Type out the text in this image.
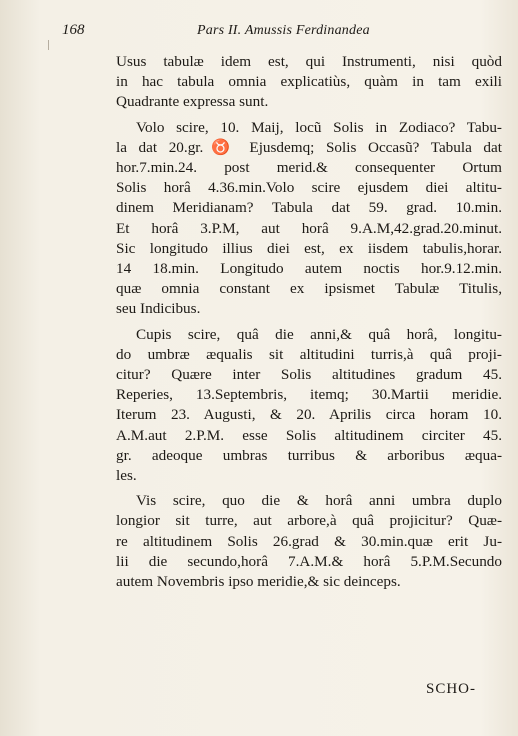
168	Pars II. Amussis Ferdinandea

Usus tabulæ idem est, qui Instrumenti, nisi quòd
in hac tabula omnia explicatiùs, quàm in tam exili
Quadrante expressa sunt.

Volo scire, 10. Maij, locũ Solis in Zodiaco? Tabu-
la dat 20.gr.♉ Ejusdemq; Solis Occasũ? Tabula dat
hor.7.min.24. post merid.& consequenter Ortum
Solis horâ 4.36.min.Volo scire ejusdem diei altitu-
dinem Meridianam? Tabula dat 59. grad. 10.min.
Et horâ 3.P.M, aut horâ 9.A.M,42.grad.20.minut.
Sic longitudo illius diei est, ex iisdem tabulis,horar.
14 18.min. Longitudo autem noctis hor.9.12.min.
quæ omnia constant ex ipsismet Tabulæ Titulis,
seu Indicibus.

Cupis scire, quâ die anni,& quâ horâ, longitu-
do umbræ æqualis sit altitudini turris,à quâ proji-
citur? Quære inter Solis altitudines gradum 45.
Reperies, 13.Septembris, itemq; 30.Martii meridie.
Iterum 23. Augusti, & 20. Aprilis circa horam 10.
A.M.aut 2.P.M. esse Solis altitudinem circiter 45.
gr. adeoque umbras turribus & arboribus æqua-
les.

Vis scire, quo die & horâ anni umbra duplo
longior sit turre, aut arbore,à quâ projicitur? Quæ-
re altitudinem Solis 26.grad & 30.min.quæ erit Ju-
lii die secundo,horâ 7.A.M.& horâ 5.P.M.Secundo
autem Novembris ipso meridie,& sic deinceps.

SCHO-
